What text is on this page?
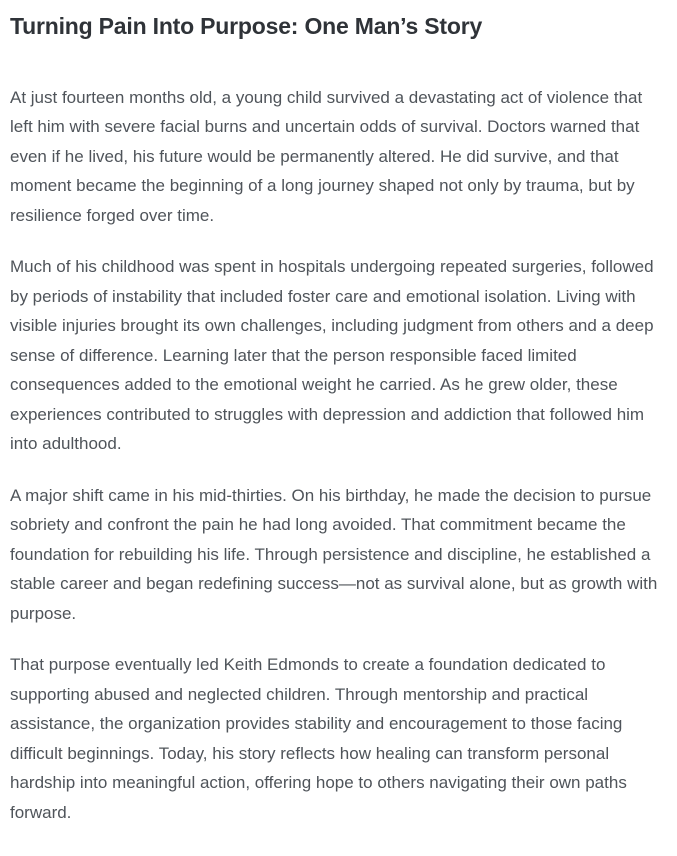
Turning Pain Into Purpose: One Man’s Story

At just fourteen months old, a young child survived a devastating act of violence that left him with severe facial burns and uncertain odds of survival. Doctors warned that even if he lived, his future would be permanently altered. He did survive, and that moment became the beginning of a long journey shaped not only by trauma, but by resilience forged over time.

Much of his childhood was spent in hospitals undergoing repeated surgeries, followed by periods of instability that included foster care and emotional isolation. Living with visible injuries brought its own challenges, including judgment from others and a deep sense of difference. Learning later that the person responsible faced limited consequences added to the emotional weight he carried. As he grew older, these experiences contributed to struggles with depression and addiction that followed him into adulthood.

A major shift came in his mid-thirties. On his birthday, he made the decision to pursue sobriety and confront the pain he had long avoided. That commitment became the foundation for rebuilding his life. Through persistence and discipline, he established a stable career and began redefining success—not as survival alone, but as growth with purpose.

That purpose eventually led Keith Edmonds to create a foundation dedicated to supporting abused and neglected children. Through mentorship and practical assistance, the organization provides stability and encouragement to those facing difficult beginnings. Today, his story reflects how healing can transform personal hardship into meaningful action, offering hope to others navigating their own paths forward.
